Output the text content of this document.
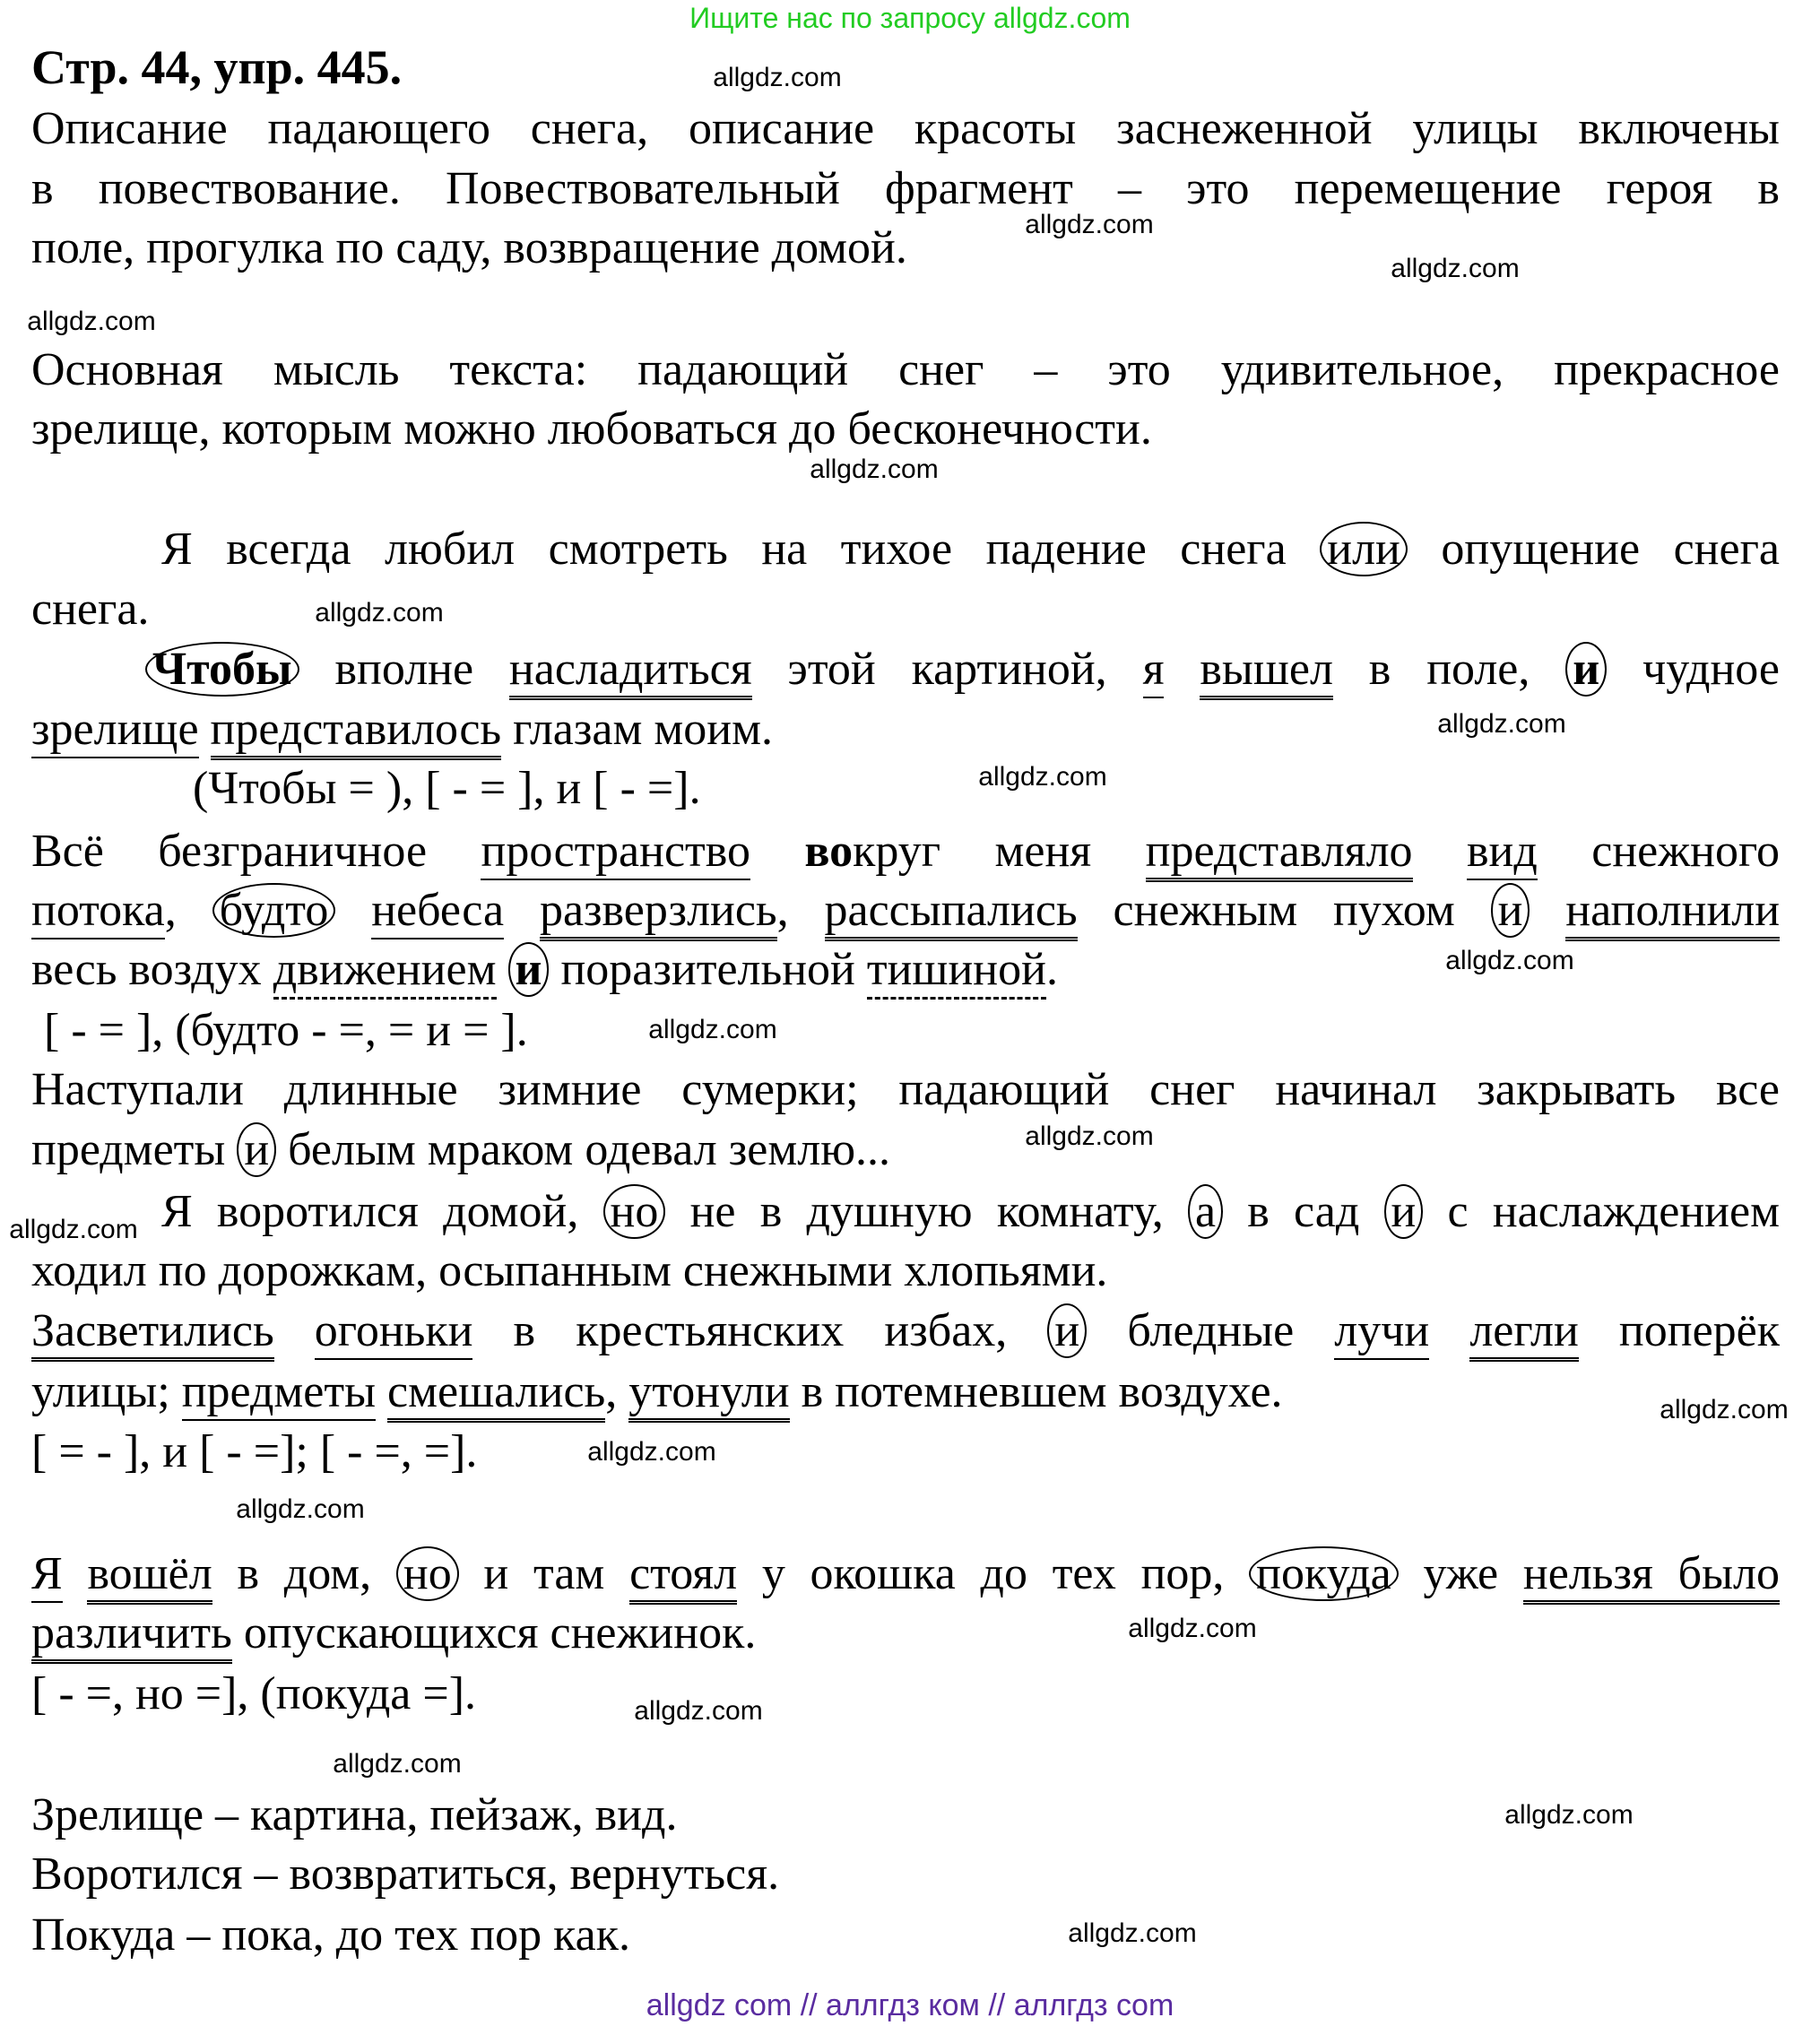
Ищите нас по запросу allgdz.com
Стр. 44, упр. 445.
Описание падающего снега, описание красоты заснеженной улицы включены
в повествование. Повествовательный фрагмент – это перемещение героя в
поле, прогулка по саду, возвращение домой.
Основная мысль текста: падающий снег – это удивительное, прекрасное
зрелище, которым можно любоваться до бесконечности.
Я всегда любил смотреть на тихое падение снега или опущение снега
снега.
Чтобы вполне насладиться этой картиной, я вышел в поле, и чудное
зрелище представилось глазам моим.
(Чтобы = ), [ - = ], и [ - =].
Всё безграничное пространство вокруг меня представляло вид снежного
потока, будто небеса разверзлись, рассыпались снежным пухом и наполнили
весь воздух движением и поразительной тишиной.
[ - = ], (будто - =, = и = ].
Наступали длинные зимние сумерки; падающий снег начинал закрывать все
предметы и белым мраком одевал землю...
Я воротился домой, но не в душную комнату, а в сад и с наслаждением
ходил по дорожкам, осыпанным снежными хлопьями.
Засветились огоньки в крестьянских избах, и бледные лучи легли поперёк
улицы; предметы смешались, утонули в потемневшем воздухе.
[ = - ], и [ - =]; [ - =, =].
Я вошёл в дом, но и там стоял у окошка до тех пор, покуда уже нельзя было
различить опускающихся снежинок.
[ - =, но =], (покуда =].
Зрелище – картина, пейзаж, вид.
Воротился – возвратиться, вернуться.
Покуда – пока, до тех пор как.
allgdz.com
allgdz.com
allgdz.com
allgdz.com
allgdz.com
allgdz.com
allgdz.com
allgdz.com
allgdz.com
allgdz.com
allgdz.com
allgdz.com
allgdz.com
allgdz.com
allgdz.com
allgdz.com
allgdz.com
allgdz.com
allgdz.com
allgdz.com
allgdz com // аллгдз ком // аллгдз com
